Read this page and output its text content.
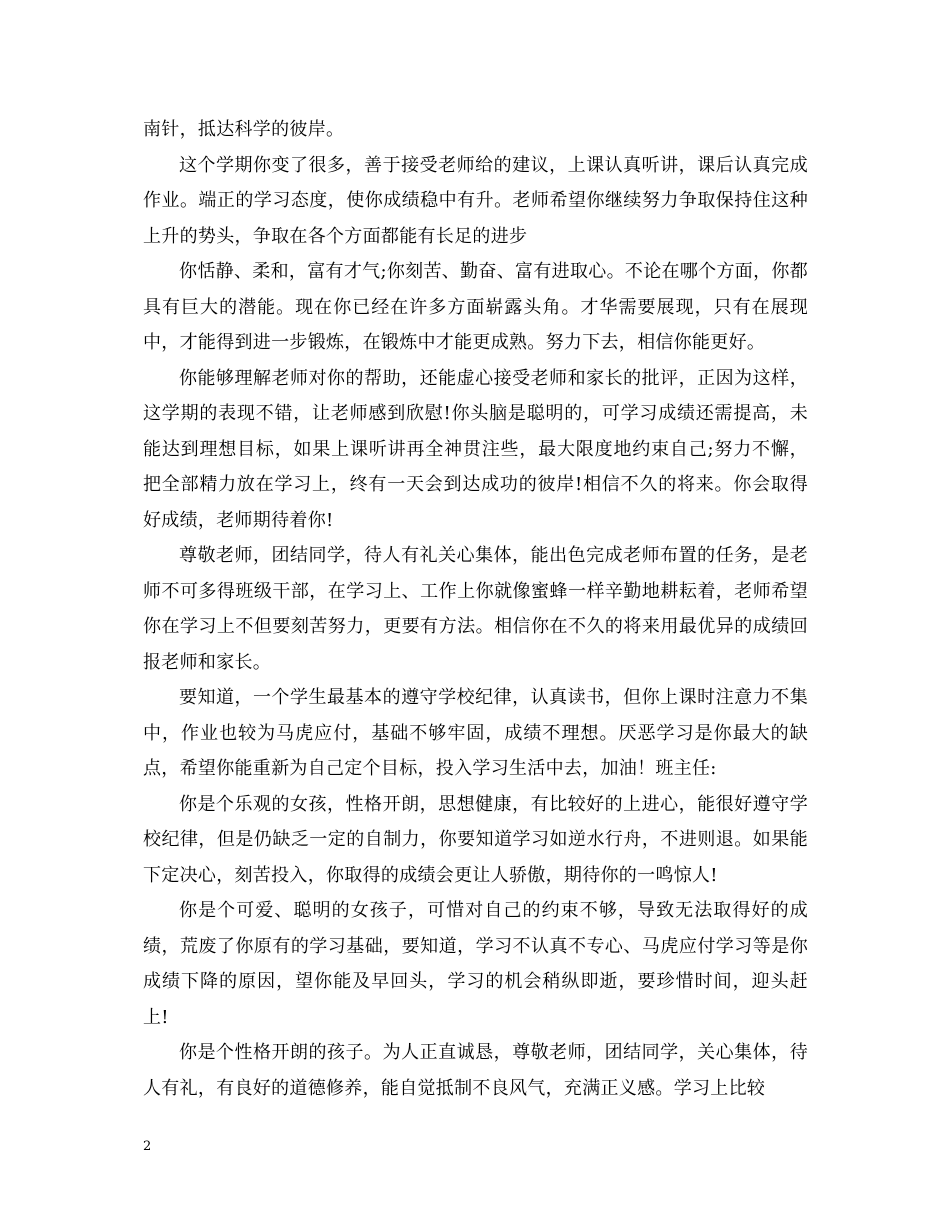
南针，抵达科学的彼岸。

这个学期你变了很多，善于接受老师给的建议，上课认真听讲，课后认真完成作业。端正的学习态度，使你成绩稳中有升。老师希望你继续努力争取保持住这种上升的势头，争取在各个方面都能有长足的进步

你恬静、柔和，富有才气;你刻苦、勤奋、富有进取心。不论在哪个方面，你都具有巨大的潜能。现在你已经在许多方面崭露头角。才华需要展现，只有在展现中，才能得到进一步锻炼，在锻炼中才能更成熟。努力下去，相信你能更好。

你能够理解老师对你的帮助，还能虚心接受老师和家长的批评，正因为这样，这学期的表现不错，让老师感到欣慰!你头脑是聪明的，可学习成绩还需提高，未能达到理想目标，如果上课听讲再全神贯注些，最大限度地约束自己;努力不懈，把全部精力放在学习上，终有一天会到达成功的彼岸!相信不久的将来。你会取得好成绩，老师期待着你!

尊敬老师，团结同学，待人有礼关心集体，能出色完成老师布置的任务，是老师不可多得班级干部，在学习上、工作上你就像蜜蜂一样辛勤地耕耘着，老师希望你在学习上不但要刻苦努力，更要有方法。相信你在不久的将来用最优异的成绩回报老师和家长。

要知道，一个学生最基本的遵守学校纪律，认真读书，但你上课时注意力不集中，作业也较为马虎应付，基础不够牢固，成绩不理想。厌恶学习是你最大的缺点，希望你能重新为自己定个目标，投入学习生活中去，加油！班主任:

你是个乐观的女孩，性格开朗，思想健康，有比较好的上进心，能很好遵守学校纪律，但是仍缺乏一定的自制力，你要知道学习如逆水行舟，不进则退。如果能下定决心，刻苦投入，你取得的成绩会更让人骄傲，期待你的一鸣惊人!

你是个可爱、聪明的女孩子，可惜对自己的约束不够，导致无法取得好的成绩，荒废了你原有的学习基础，要知道，学习不认真不专心、马虎应付学习等是你成绩下降的原因，望你能及早回头，学习的机会稍纵即逝，要珍惜时间，迎头赶上!

你是个性格开朗的孩子。为人正直诚恳，尊敬老师，团结同学，关心集体，待人有礼，有良好的道德修养，能自觉抵制不良风气，充满正义感。学习上比较

2
